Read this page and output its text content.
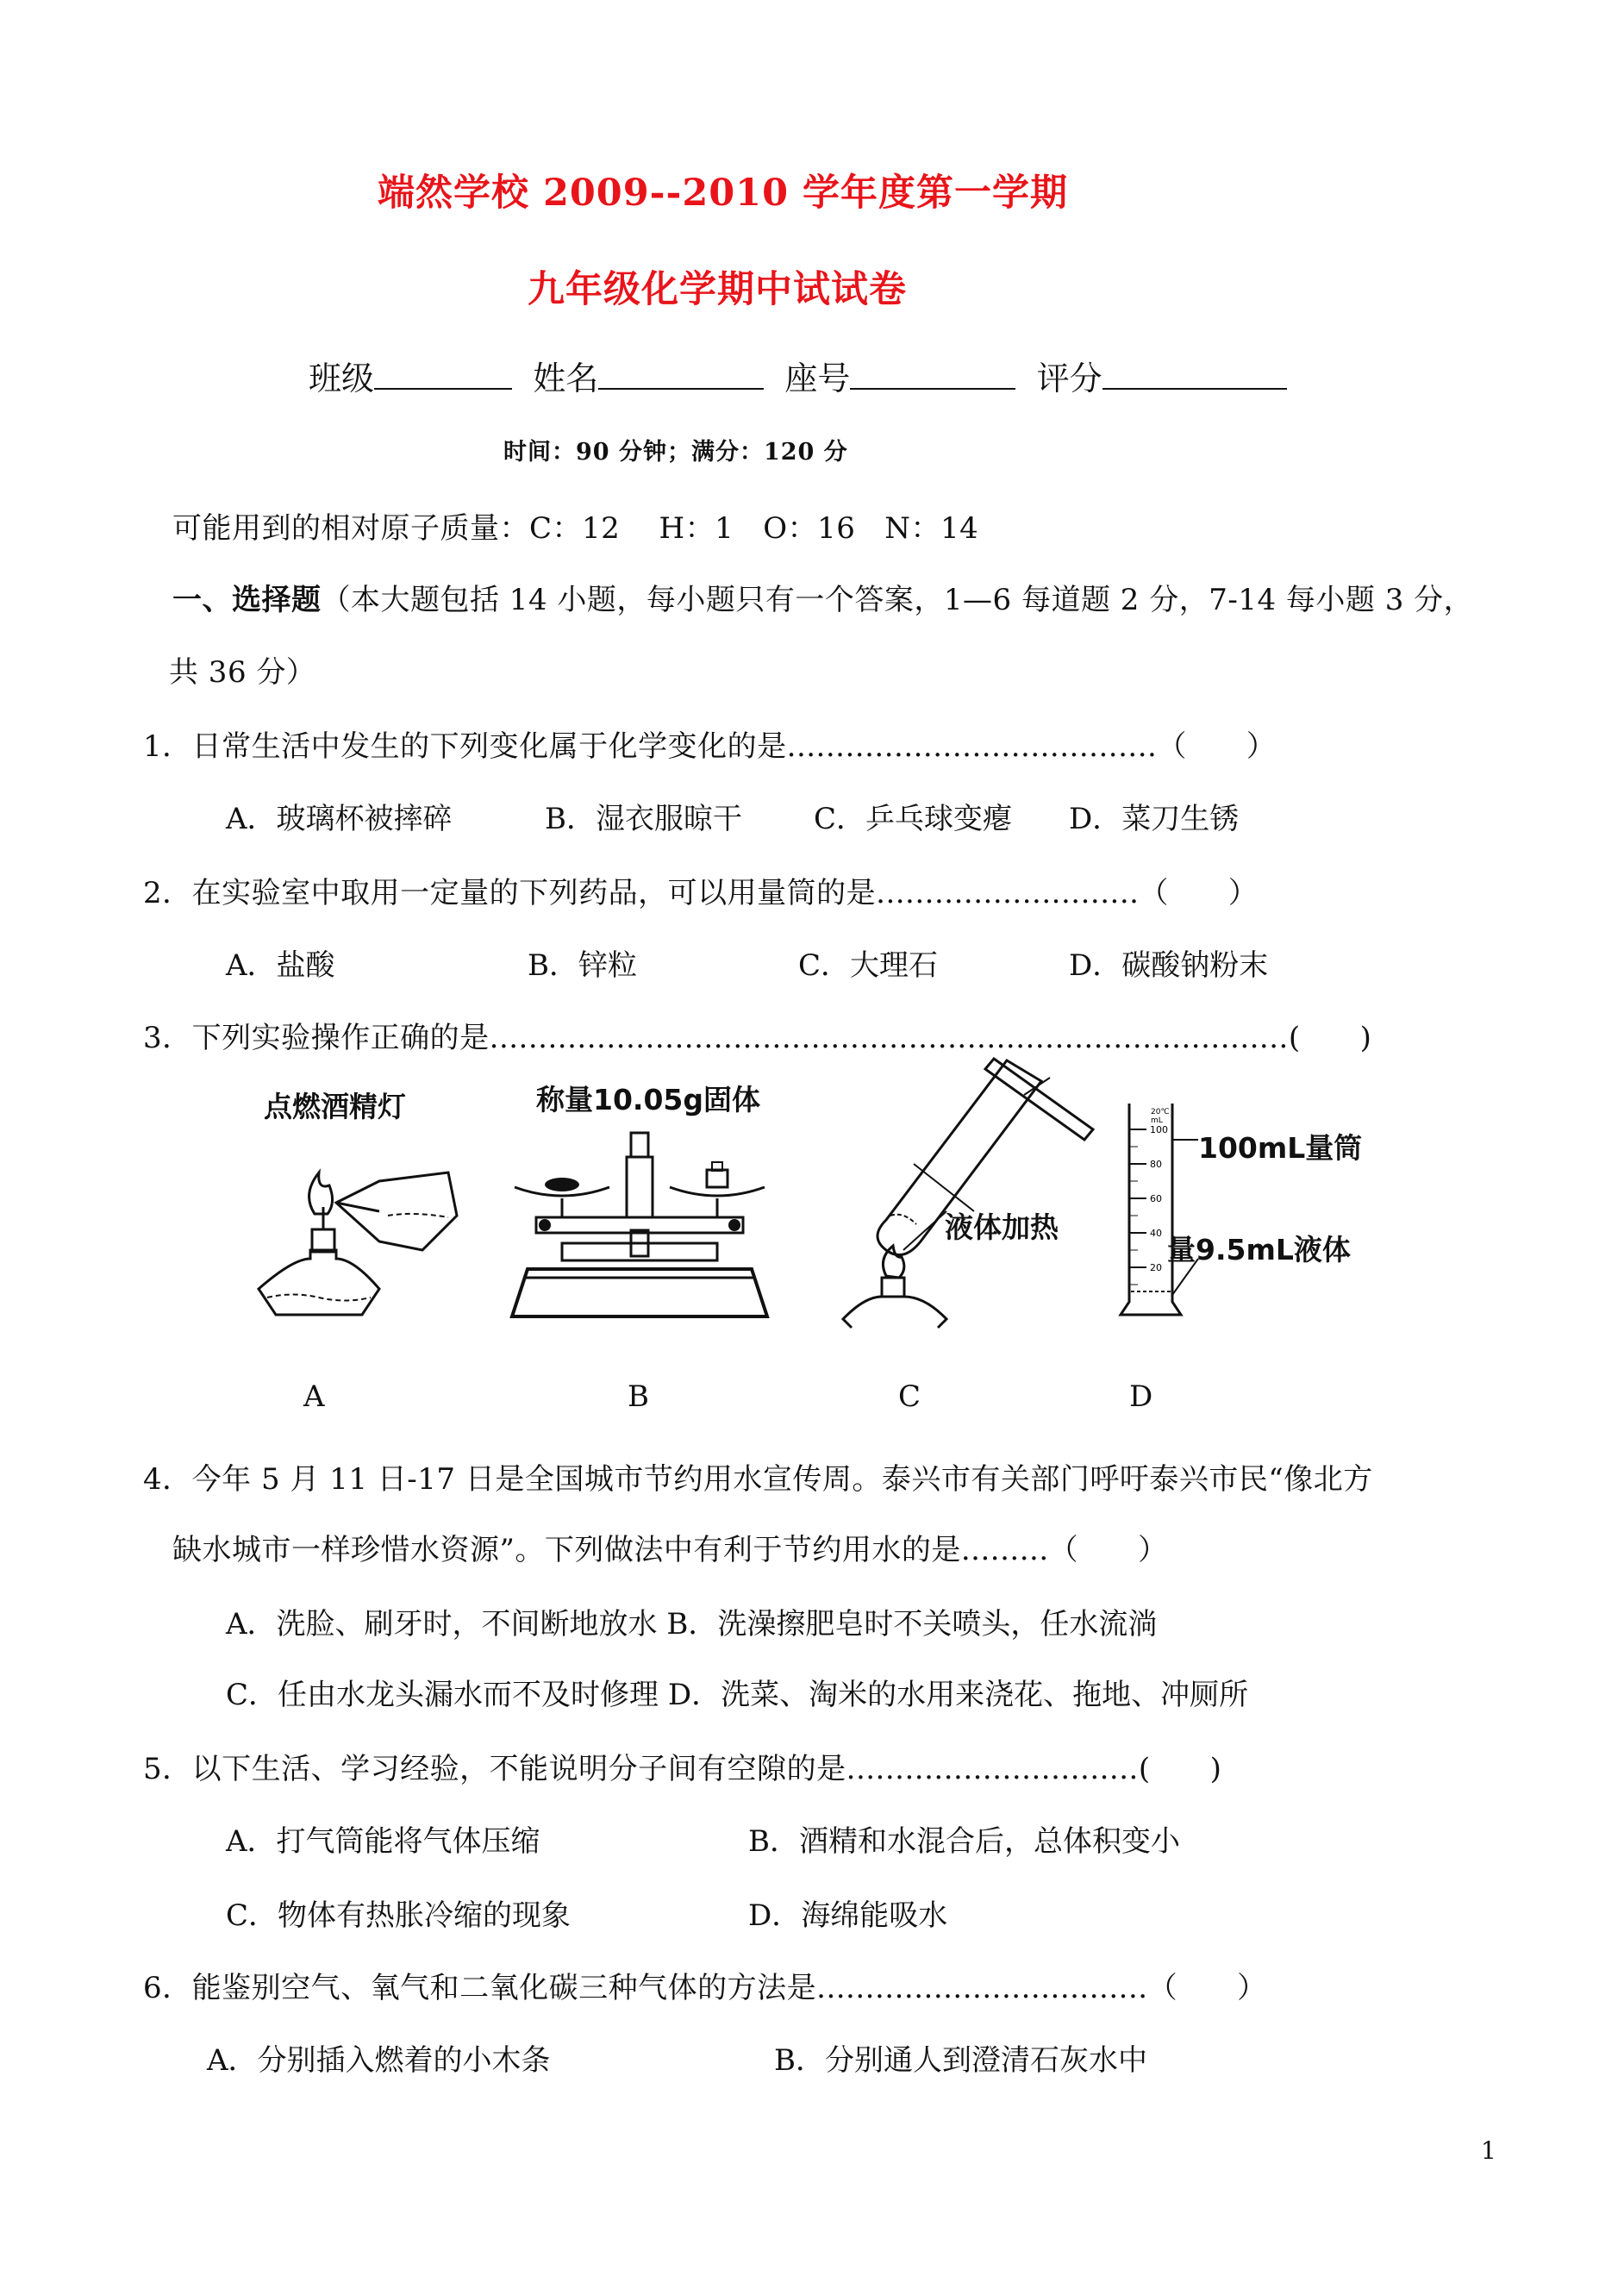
端然学校 2009--2010 学年度第一学期
九年级化学期中试试卷
班级	姓名	座号	评分
时间：90 分钟；满分：120 分
可能用到的相对原子质量：C：12    H：1   O：16   N：14
一、选择题（本大题包括 14 小题，每小题只有一个答案，1—6 每道题 2 分，7-14 每小题 3 分，
共 36 分）
1．日常生活中发生的下列变化属于化学变化的是......................................（　　）
A．玻璃杯被摔碎	B．湿衣服晾干 C．乒乓球变瘪 D．菜刀生锈
2．在实验室中取用一定量的下列药品，可以用量筒的是...........................（　　）
A．盐酸	B．锌粒	C．大理石	D．碳酸钠粉末
3．下列实验操作正确的是..................................................................................(　　)
点燃酒精灯	称量10.05g固体
液体加热
100mL量筒
量9.5mL液体
20℃
mL
100
80
60
40
20
A	B	C	D
4．今年 5 月 11 日-17 日是全国城市节约用水宣传周。泰兴市有关部门呼吁泰兴市民“像北方
缺水城市一样珍惜水资源”。下列做法中有利于节约用水的是.........（　　）
A．洗脸、刷牙时，不间断地放水 B．洗澡擦肥皂时不关喷头，任水流淌
C．任由水龙头漏水而不及时修理 D．洗菜、淘米的水用来浇花、拖地、冲厕所
5．以下生活、学习经验，不能说明分子间有空隙的是..............................(　　)
A．打气筒能将气体压缩	B．酒精和水混合后，总体积变小
C．物体有热胀冷缩的现象	D．海绵能吸水
6．能鉴别空气、氧气和二氧化碳三种气体的方法是..................................（　　）
A．分别插入燃着的小木条	B．分别通人到澄清石灰水中
1
